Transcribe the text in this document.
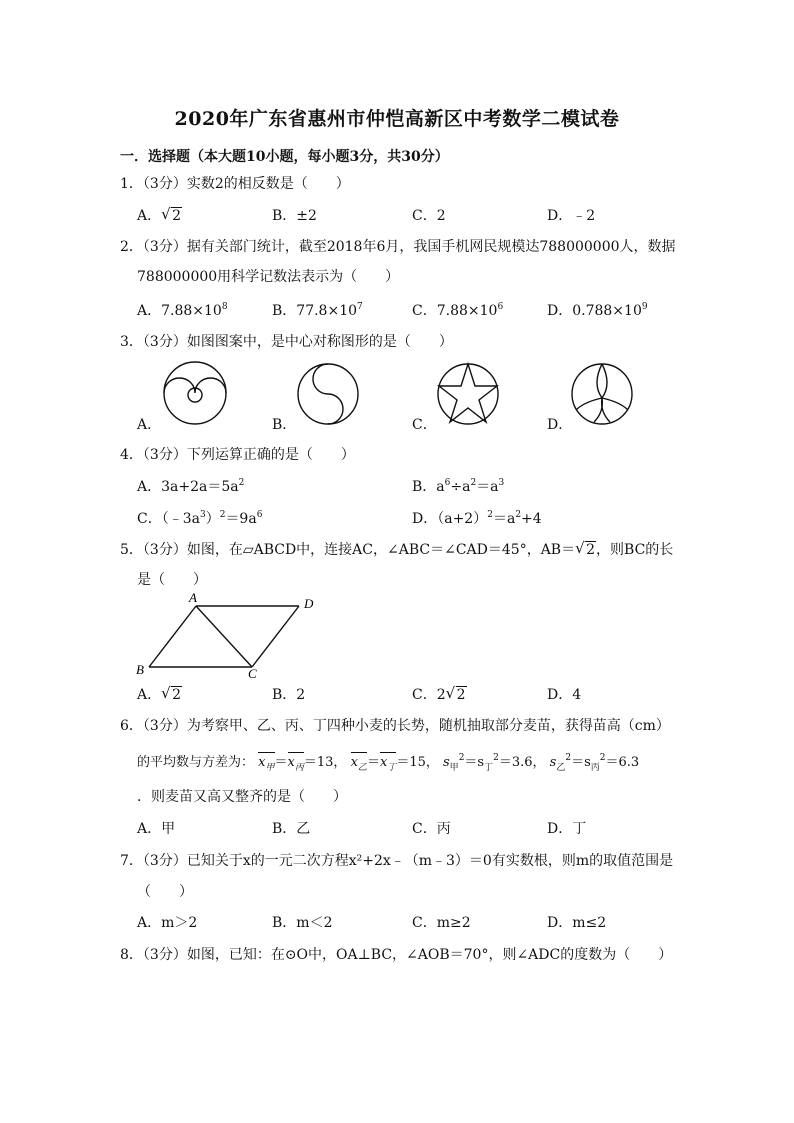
2020年广东省惠州市仲恺高新区中考数学二模试卷
一．选择题（本大题10小题，每小题3分，共30分）
1．（3分）实数2的相反数是（　　）
A． √ 2	B．±2	C．2	D．﹣2
2．（3分）据有关部门统计，截至2018年6月，我国手机网民规模达788000000人，数据
788000000用科学记数法表示为（　　）
A．$7.88\times 10^8$	B．$77.8\times 10^7$	C．$7.88\times 10^6$	D．$0.788\times 10^9$
3．（3分）如图图案中，是中心对称图形的是（　　）
A．	B．	C．	D．
4．（3分）下列运算正确的是（　　）
A．$3a+2a=5a^2$	B．$a^6\div a^2=a^3$
C．$(﹣3a^3)^2=9a^6$	D．$(a+2)^2=a^2+4$
5．（3分）如图，在▱ABCD中，连接AC，∠ABC＝∠CAD＝45°，AB＝ √ 2，则BC的长
是（　　）
A	D
B	C
A． √ 2	B．2	C．2 √ 2	D．4
6．（3分）为考察甲、乙、丙、丁四种小麦的长势，随机抽取部分麦苗，获得苗高（cm）
的平均数与方差为： $x_甲=x_丙=13$， $x_乙=x_丁=15$， $s_甲^2=s_丁^2=3.6$， $s_乙^2=s_丙^2=6.3$
．则麦苗又高又整齐的是（　　）
A．甲	B．乙	C．丙	D．丁
7．（3分）已知关于x的一元二次方程x²+2x﹣（m﹣3）＝0有实数根，则m的取值范围是
（　　）
A．m＞2	B．m＜2	C．m≥2	D．m≤2
8．（3分）如图，已知：在⊙O中，OA⊥BC，∠AOB＝70°，则∠ADC的度数为（　　）
